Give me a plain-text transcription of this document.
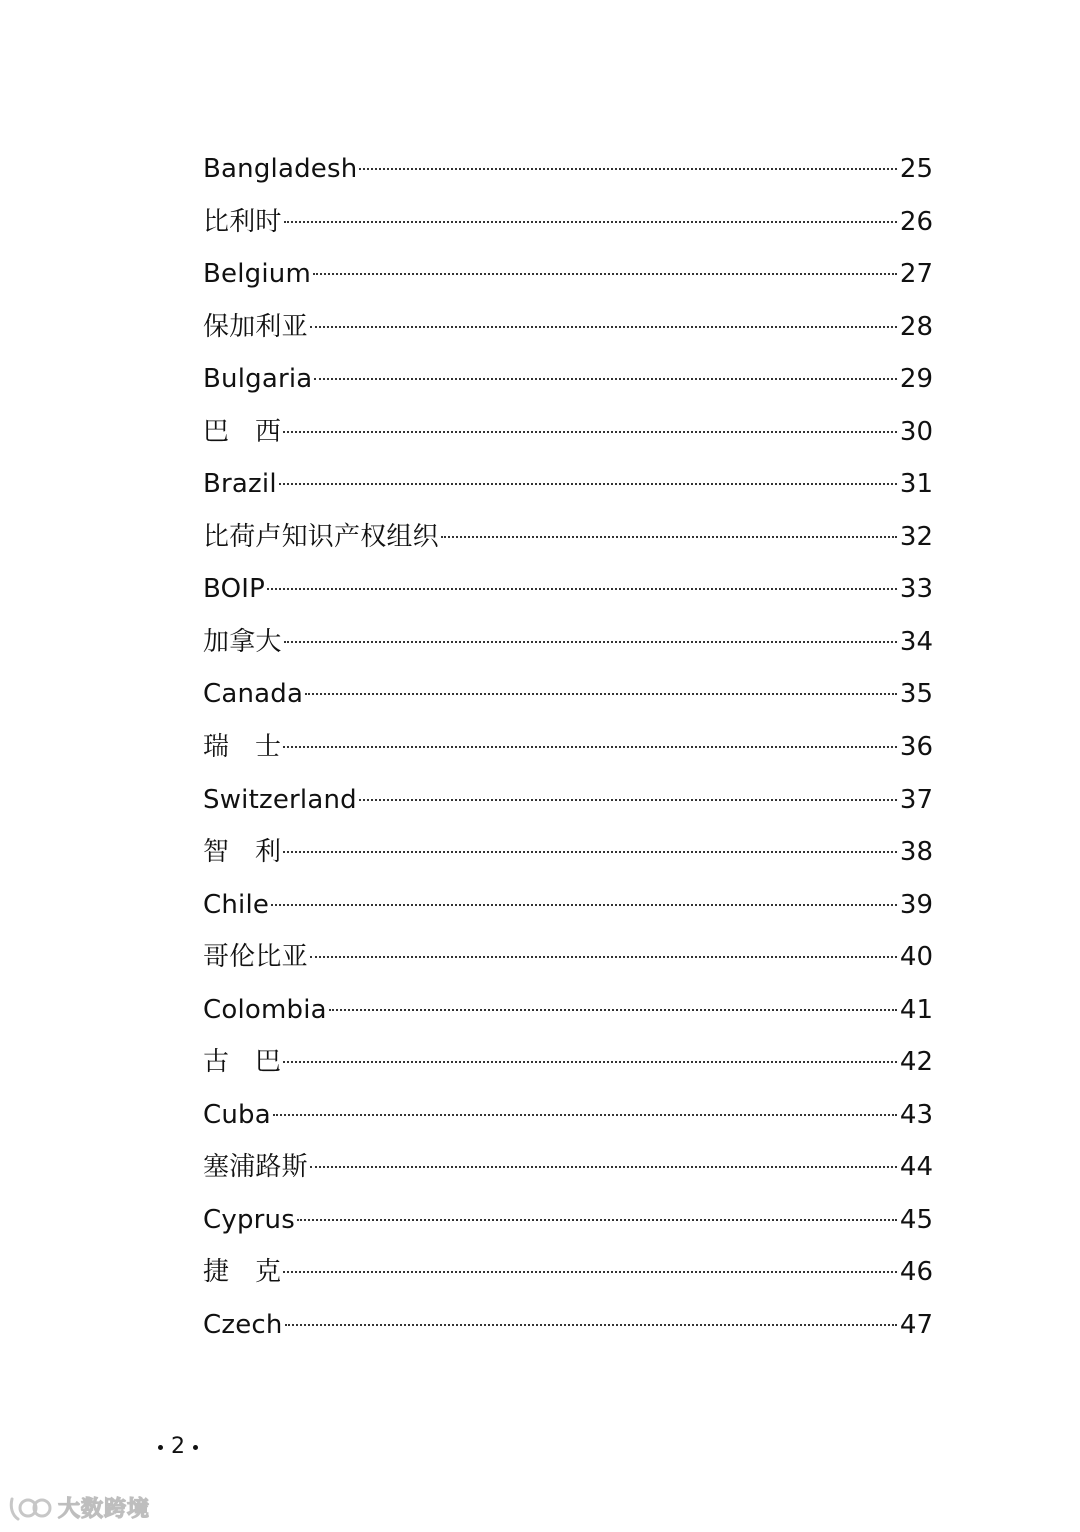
Bangladesh	25
比利时	26
Belgium	27
保加利亚	28
Bulgaria	29
巴　西	30
Brazil	31
比荷卢知识产权组织	32
BOIP	33
加拿大	34
Canada	35
瑞　士	36
Switzerland	37
智　利	38
Chile	39
哥伦比亚	40
Colombia	41
古　巴	42
Cuba	43
塞浦路斯	44
Cyprus	45
捷　克	46
Czech	47
2
大数跨境
